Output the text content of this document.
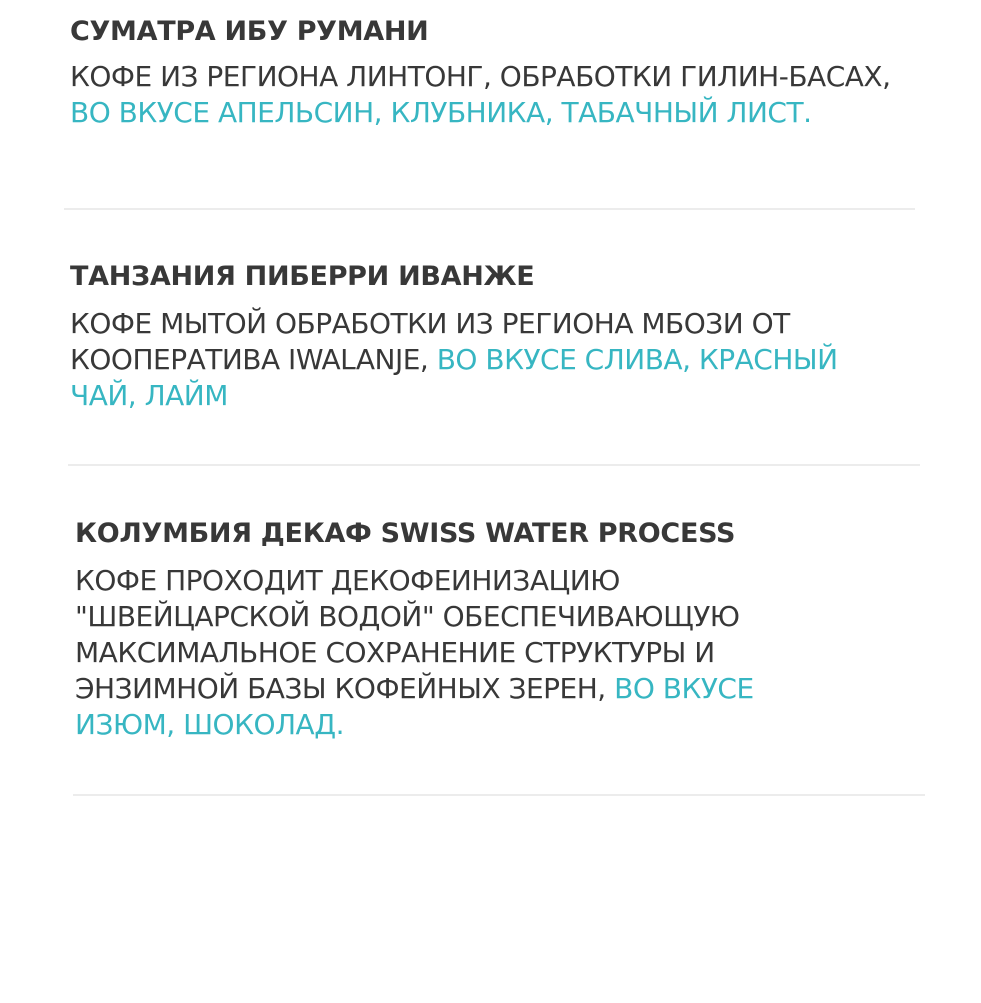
СУМАТРА ИБУ РУМАНИ

КОФЕ ИЗ РЕГИОНА ЛИНТОНГ, ОБРАБОТКИ ГИЛИН-БАСАХ, ВО ВКУСЕ АПЕЛЬСИН, КЛУБНИКА, ТАБАЧНЫЙ ЛИСТ.

ТАНЗАНИЯ ПИБЕРРИ ИВАНЖЕ

КОФЕ МЫТОЙ ОБРАБОТКИ ИЗ РЕГИОНА МБОЗИ ОТ КООПЕРАТИВА IWALANJE, ВО ВКУСЕ СЛИВА, КРАСНЫЙ ЧАЙ, ЛАЙМ

КОЛУМБИЯ ДЕКАФ SWISS WATER PROCESS

КОФЕ ПРОХОДИТ ДЕКОФЕИНИЗАЦИЮ "ШВЕЙЦАРСКОЙ ВОДОЙ" ОБЕСПЕЧИВАЮЩУЮ МАКСИМАЛЬНОЕ СОХРАНЕНИЕ СТРУКТУРЫ И ЭНЗИМНОЙ БАЗЫ КОФЕЙНЫХ ЗЕРЕН, ВО ВКУСЕ ИЗЮМ, ШОКОЛАД.
